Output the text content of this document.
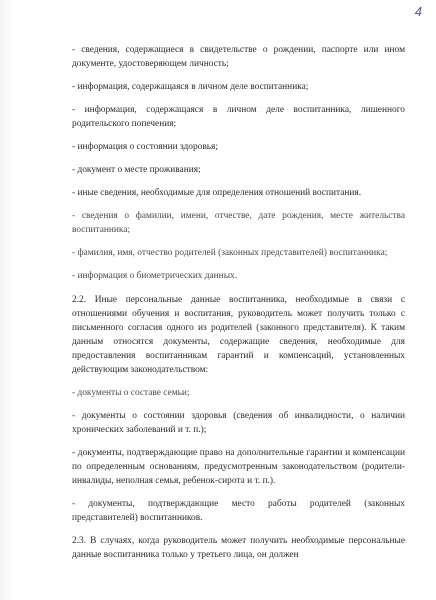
4

- сведения, содержащиеся в свидетельстве о рождении, паспорте или ином документе, удостоверяющем личность;

- информация, содержащаяся в личном деле воспитанника;

- информация, содержащаяся в личном деле воспитанника, лишенного родительского попечения;

- информация о состоянии здоровья;

- документ о месте проживания;

- иные сведения, необходимые для определения отношений воспитания.

- сведения о фамилии, имени, отчестве, дате рождения, месте жительства воспитанника;

- фамилия, имя, отчество родителей (законных представителей) воспитанника;

- информация о биометрических данных.

2.2. Иные персональные данные воспитанника, необходимые в связи с отношениями обучения и воспитания, руководитель может получить только с письменного согласия одного из родителей (законного представителя). К таким данным относятся документы, содержащие сведения, необходимые для предоставления воспитанникам гарантий и компенсаций, установленных действующим законодательством:

- документы о составе семьи;

- документы о состоянии здоровья (сведения об инвалидности, о наличии хронических заболеваний и т. п.);

- документы, подтверждающие право на дополнительные гарантии и компенсации по определенным основаниям, предусмотренным законодательством (родители-инвалиды, неполная семья, ребенок-сирота и т. п.).

- документы, подтверждающие место работы родителей (законных представителей) воспитанников.

2.3. В случаях, когда руководитель может получить необходимые персональные данные воспитанника только у третьего лица, он должен
